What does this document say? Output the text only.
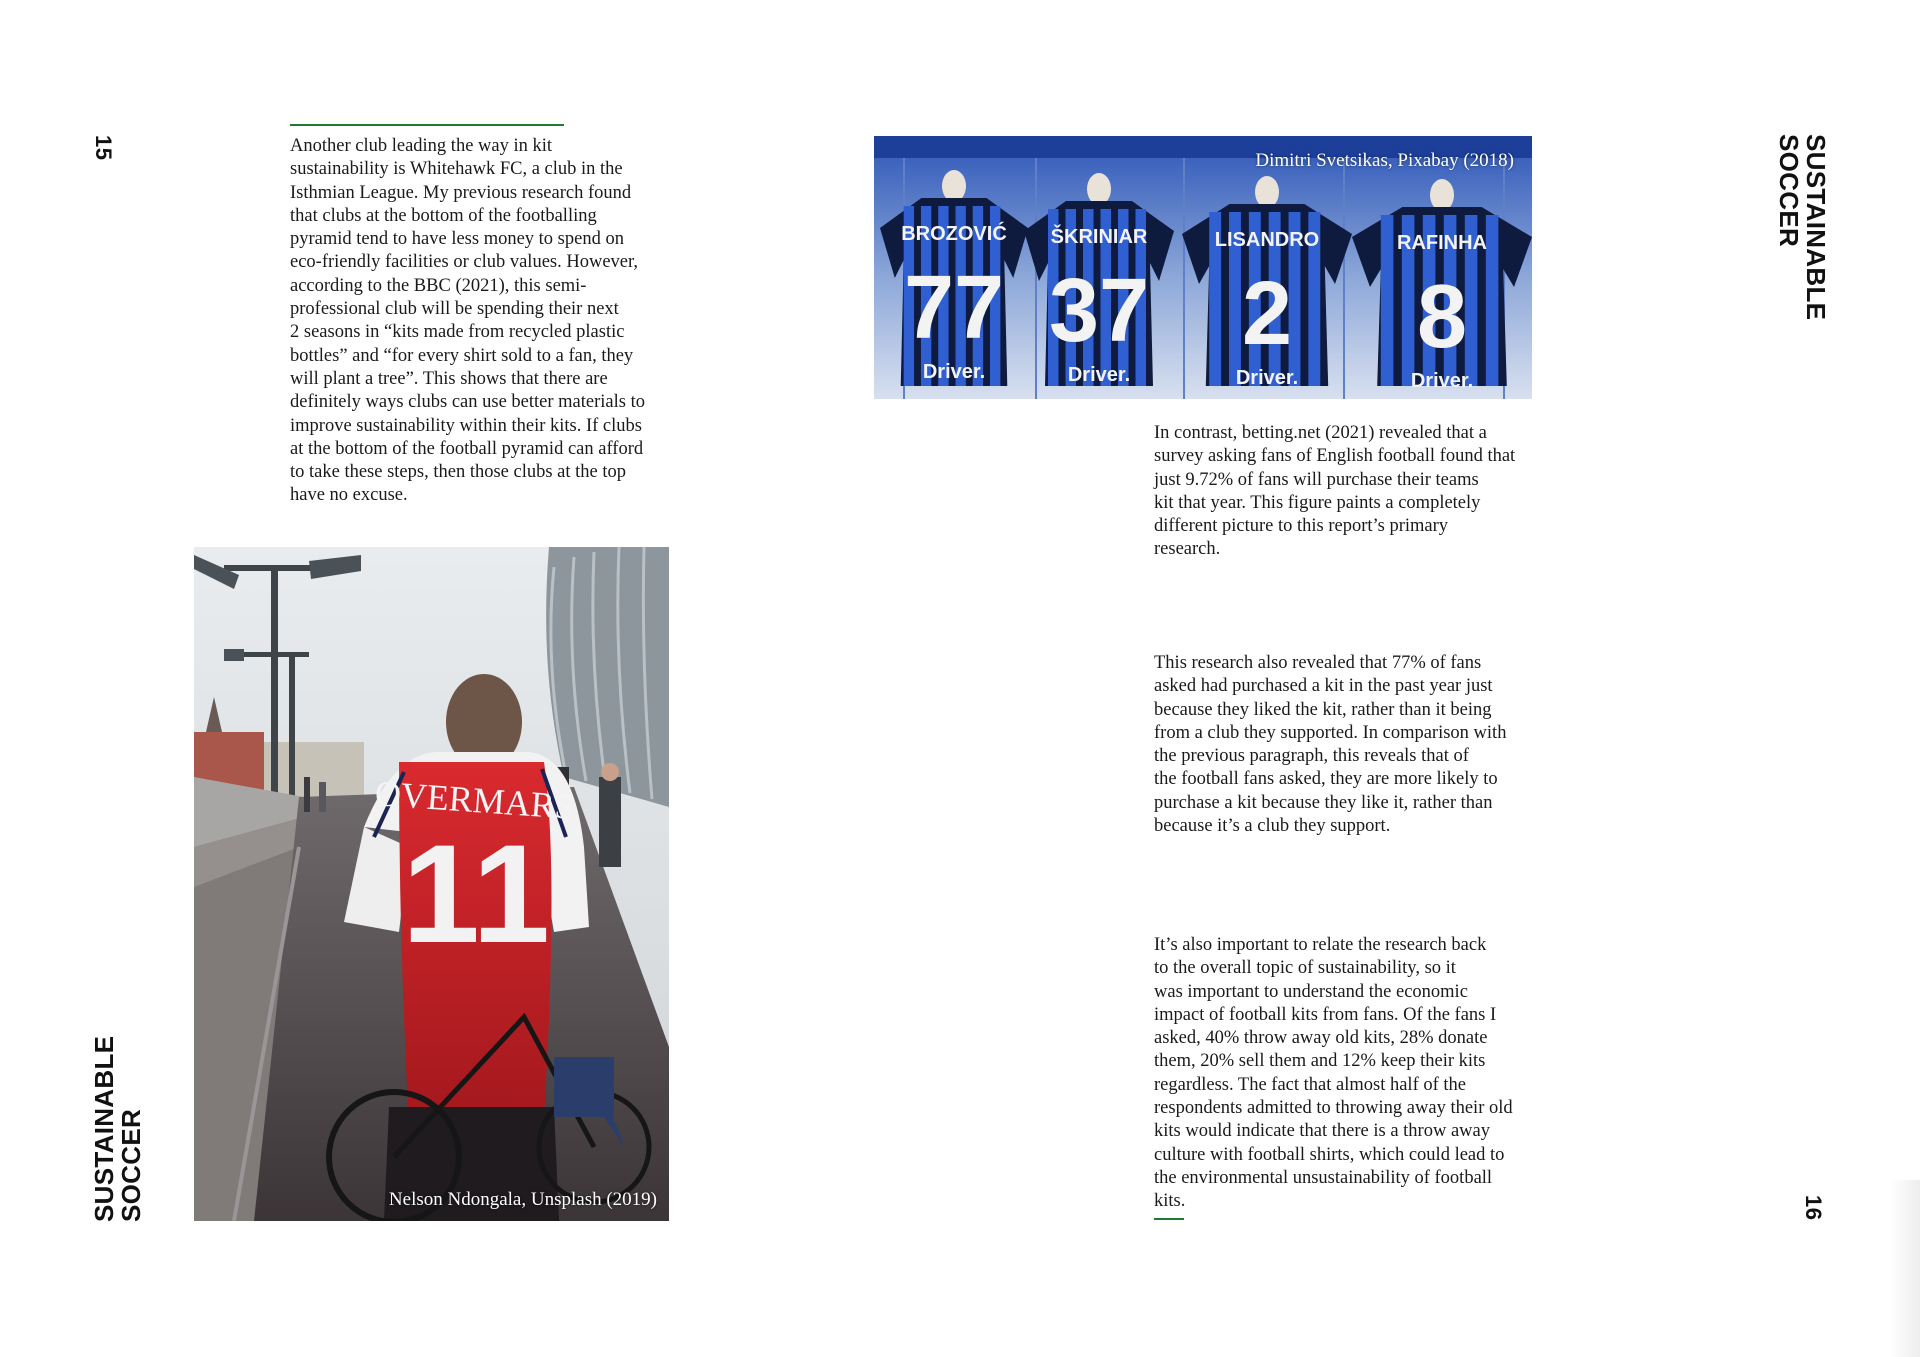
15
SUSTAINABLE
SOCCER
Another club leading the way in kit
sustainability is Whitehawk FC, a club in the
Isthmian League. My previous research found
that clubs at the bottom of the footballing
pyramid tend to have less money to spend on
eco-friendly facilities or club values. However,
according to the BBC (2021), this semi-
professional club will be spending their next
2 seasons in “kits made from recycled plastic
bottles” and “for every shirt sold to a fan, they
will plant a tree”. This shows that there are
definitely ways clubs can use better materials to
improve sustainability within their kits. If clubs
at the bottom of the football pyramid can afford
to take these steps, then those clubs at the top
have no excuse.
OVERMARS
11
Nelson Ndongala, Unsplash (2019)
BROZOVIĆ
77
Driver.
ŠKRINIAR
37
Driver.
LISANDRO
2
Driver.
RAFINHA
8
Driver.
Dimitri Svetsikas, Pixabay (2018)
In contrast, betting.net (2021) revealed that a
survey asking fans of English football found that
just 9.72% of fans will purchase their teams
kit that year. This figure paints a completely
different picture to this report’s primary
research.
This research also revealed that 77% of fans
asked had purchased a kit in the past year just
because they liked the kit, rather than it being
from a club they supported. In comparison with
the previous paragraph, this reveals that of
the football fans asked, they are more likely to
purchase a kit because they like it, rather than
because it’s a club they support.
It’s also important to relate the research back
to the overall topic of sustainability, so it
was important to understand the economic
impact of football kits from fans. Of the fans I
asked, 40% throw away old kits, 28% donate
them, 20% sell them and 12% keep their kits
regardless. The fact that almost half of the
respondents admitted to throwing away their old
kits would indicate that there is a throw away
culture with football shirts, which could lead to
the environmental unsustainability of football
kits.
SUSTAINABLE
SOCCER
16
